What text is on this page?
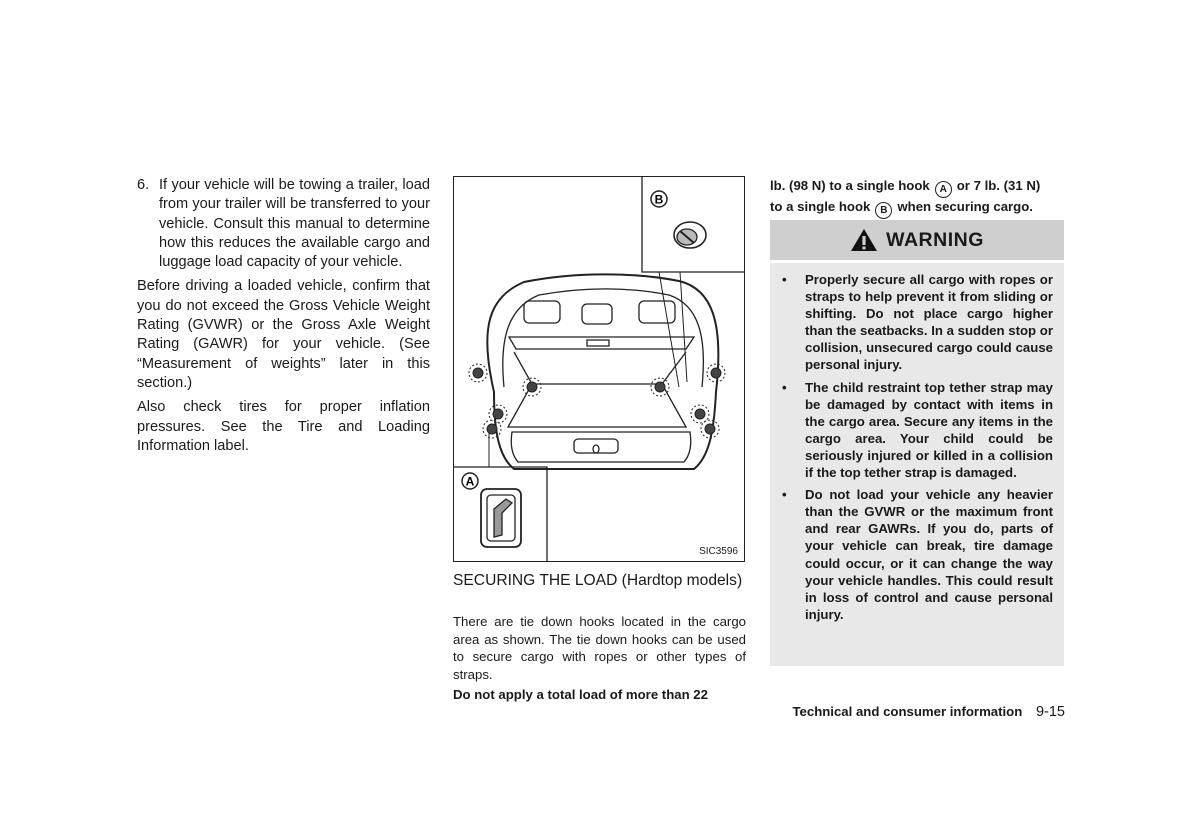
6. If your vehicle will be towing a trailer, load from your trailer will be transferred to your vehicle. Consult this manual to determine how this reduces the available cargo and luggage load capacity of your vehicle.
Before driving a loaded vehicle, confirm that you do not exceed the Gross Vehicle Weight Rating (GVWR) or the Gross Axle Weight Rating (GAWR) for your vehicle. (See “Measurement of weights” later in this section.)
Also check tires for proper inflation pressures. See the Tire and Loading Information label.
B
A
SIC3596
SECURING THE LOAD (Hardtop models)
There are tie down hooks located in the cargo area as shown. The tie down hooks can be used to secure cargo with ropes or other types of straps.
Do not apply a total load of more than 22
lb. (98 N) to a single hook A or 7 lb. (31 N)
to a single hook B when securing cargo.
WARNING
•	Properly secure all cargo with ropes or straps to help prevent it from sliding or shifting. Do not place cargo higher than the seatbacks. In a sudden stop or collision, unsecured cargo could cause personal injury.
•	The child restraint top tether strap may be damaged by contact with items in the cargo area. Secure any items in the cargo area. Your child could be seriously injured or killed in a collision if the top tether strap is damaged.
•	Do not load your vehicle any heavier than the GVWR or the maximum front and rear GAWRs. If you do, parts of your vehicle can break, tire damage could occur, or it can change the way your vehicle handles. This could result in loss of control and cause personal injury.
Technical and consumer information 9-15
